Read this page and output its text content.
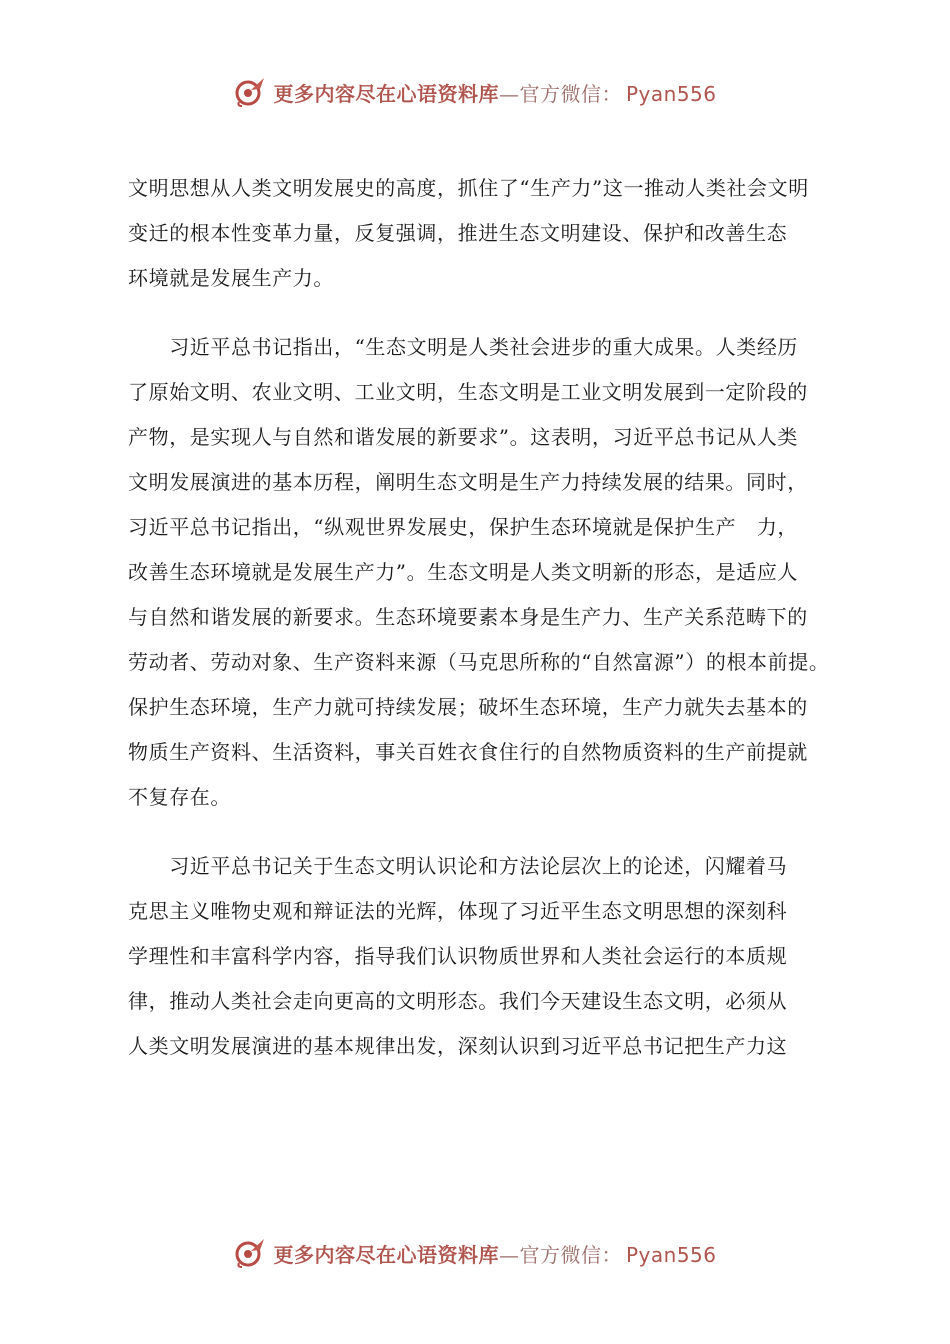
更多内容尽在心语资料库—官方微信： Pyan556
文明思想从人类文明发展史的高度，抓住了“生产力”这一推动人类社会文明
变迁的根本性变革力量，反复强调，推进生态文明建设、保护和改善生态
环境就是发展生产力。
　　习近平总书记指出，“生态文明是人类社会进步的重大成果。人类经历
了原始文明、农业文明、工业文明，生态文明是工业文明发展到一定阶段的
产物，是实现人与自然和谐发展的新要求”。这表明，习近平总书记从人类
文明发展演进的基本历程，阐明生态文明是生产力持续发展的结果。同时，
习近平总书记指出，“纵观世界发展史，保护生态环境就是保护生产　力，
改善生态环境就是发展生产力”。生态文明是人类文明新的形态，是适应人
与自然和谐发展的新要求。生态环境要素本身是生产力、生产关系范畴下的
劳动者、劳动对象、生产资料来源（马克思所称的“自然富源”）的根本前提。
保护生态环境，生产力就可持续发展；破坏生态环境，生产力就失去基本的
物质生产资料、生活资料，事关百姓衣食住行的自然物质资料的生产前提就
不复存在。
　　习近平总书记关于生态文明认识论和方法论层次上的论述，闪耀着马
克思主义唯物史观和辩证法的光辉，体现了习近平生态文明思想的深刻科
学理性和丰富科学内容，指导我们认识物质世界和人类社会运行的本质规
律，推动人类社会走向更高的文明形态。我们今天建设生态文明，必须从
人类文明发展演进的基本规律出发，深刻认识到习近平总书记把生产力这
更多内容尽在心语资料库—官方微信： Pyan556
